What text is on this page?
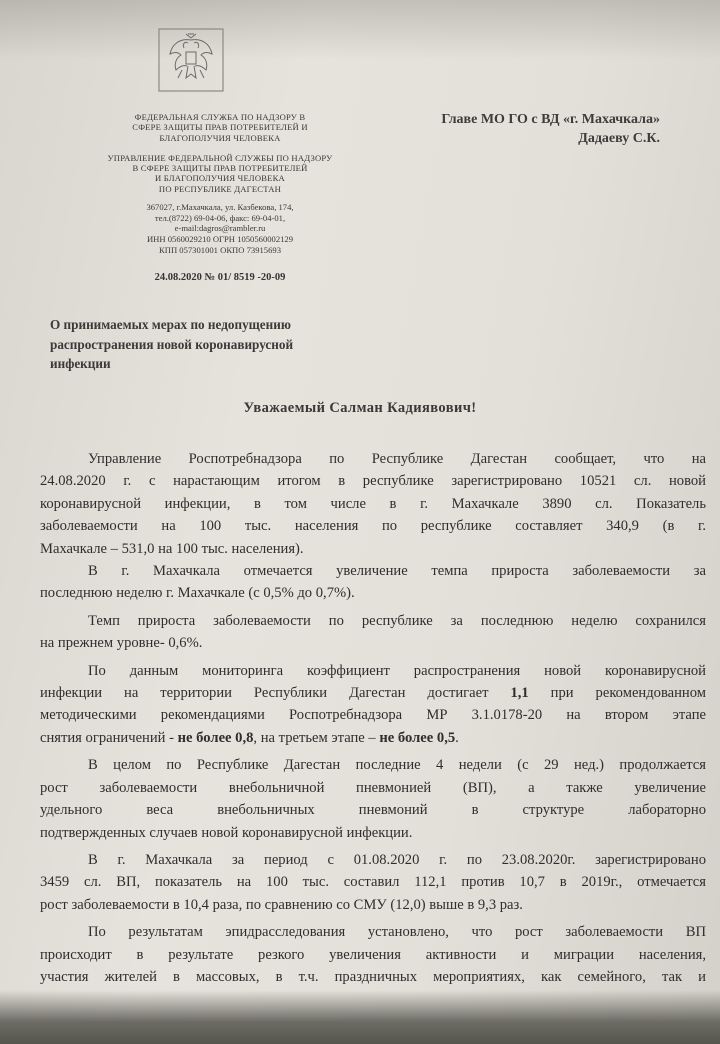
ФЕДЕРАЛЬНАЯ СЛУЖБА ПО НАДЗОРУ В
СФЕРЕ ЗАЩИТЫ ПРАВ ПОТРЕБИТЕЛЕЙ И
БЛАГОПОЛУЧИЯ ЧЕЛОВЕКА
УПРАВЛЕНИЕ ФЕДЕРАЛЬНОЙ СЛУЖБЫ ПО НАДЗОРУ
В СФЕРЕ ЗАЩИТЫ ПРАВ ПОТРЕБИТЕЛЕЙ
И БЛАГОПОЛУЧИЯ ЧЕЛОВЕКА
ПО РЕСПУБЛИКЕ ДАГЕСТАН
367027, г.Махачкала, ул. Казбекова, 174,
тел.(8722) 69-04-06, факс: 69-04-01,
e-mail:dagros@rambler.ru
ИНН 0560029210 ОГРН 1050560002129
КПП 057301001 ОКПО 73915693
24.08.2020 № 01/ 8519 -20-09
Главе МО ГО с ВД «г. Махачкала»
Дадаеву С.К.
О принимаемых мерах по недопущению
распространения новой коронавирусной
инфекции
Уважаемый Салман Кадиявович!
Управление Роспотребнадзора по Республике Дагестан сообщает, что на
24.08.2020 г. с нарастающим итогом в республике зарегистрировано 10521 сл. новой
коронавирусной инфекции, в том числе в г. Махачкале 3890 сл. Показатель
заболеваемости на 100 тыс. населения по республике составляет 340,9 (в г.
Махачкале – 531,0 на 100 тыс. населения).
В г. Махачкала отмечается увеличение темпа прироста заболеваемости за
последнюю неделю г. Махачкале (с 0,5% до 0,7%).
Темп прироста заболеваемости по республике за последнюю неделю сохранился
на прежнем уровне- 0,6%.
По данным мониторинга коэффициент распространения новой коронавирусной
инфекции на территории Республики Дагестан достигает 1,1 при рекомендованном
методическими рекомендациями Роспотребнадзора МР 3.1.0178-20 на втором этапе
снятия ограничений - не более 0,8, на третьем этапе – не более 0,5.
В целом по Республике Дагестан последние 4 недели (с 29 нед.) продолжается
рост заболеваемости внебольничной пневмонией (ВП), а также увеличение
удельного веса внебольничных пневмоний в структуре лабораторно
подтвержденных случаев новой коронавирусной инфекции.
В г. Махачкала за период с 01.08.2020 г. по 23.08.2020г. зарегистрировано
3459 сл. ВП, показатель на 100 тыс. составил 112,1 против 10,7 в 2019г., отмечается
рост заболеваемости в 10,4 раза, по сравнению со СМУ (12,0) выше в 9,3 раз.
По результатам эпидрасследования установлено, что рост заболеваемости ВП
происходит в результате резкого увеличения активности и миграции населения,
участия жителей в массовых, в т.ч. праздничных мероприятиях, как семейного, так и
